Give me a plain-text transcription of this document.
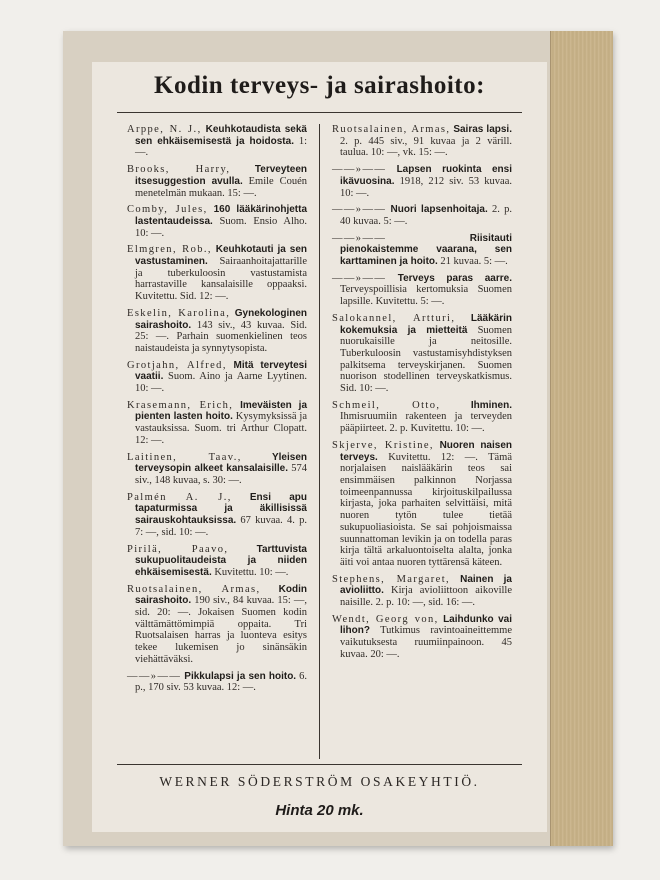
Kodin terveys- ja sairashoito:
Arppe, N. J., Keuhkotaudista sekä sen ehkäisemisestä ja hoidosta. 1: —.
Brooks, Harry, Terveyteen itsesuggestion avulla. Emile Couén menetelmän mukaan. 15: —.
Comby, Jules, 160 lääkärinohjetta lastentaudeissa. Suom. Ensio Alho. 10: —.
Elmgren, Rob., Keuhkotauti ja sen vastustaminen. Sairaanhoitajattarille ja tuberkuloosin vastustamista harrastaville kansalaisille oppaaksi. Kuvitettu. Sid. 12: —.
Eskelin, Karolina, Gynekologinen sairashoito. 143 siv., 43 kuvaa. Sid. 25: —. Parhain suomenkielinen teos naistaudeista ja synnytysopista.
Grotjahn, Alfred, Mitä terveytesi vaatii. Suom. Aino ja Aarne Lyytinen. 10: —.
Krasemann, Erich, Imeväisten ja pienten lasten hoito. Kysymyksissä ja vastauksissa. Suom. tri Arthur Clopatt. 12: —.
Laitinen, Taav.,	Yleisen terveysopin alkeet kansalaisille. 574 siv., 148 kuvaa, s. 30: —.
Palmén A. J., Ensi apu tapaturmissa ja äkillisissä sairauskohtauksissa. 67 kuvaa. 4. p. 7: —, sid. 10: —.
Pirilä, Paavo,	Tarttuvista sukupuolitaudeista ja niiden ehkäisemisestä. Kuvitettu. 10: —.
Ruotsalainen, Armas, Kodin sairashoito. 190 siv., 84 kuvaa. 15: —, sid. 20: —. Jokaisen Suomen kodin välttämättömimpiä oppaita. Tri Ruotsalaisen harras ja luonteva esitys tekee lukemisen jo sinänsäkin viehättäväksi.
——»—— Pikkulapsi ja sen hoito. 6. p., 170 siv. 53 kuvaa. 12: —.
Ruotsalainen, Armas, Sairas lapsi. 2. p. 445 siv., 91 kuvaa ja 2 värill. taulua. 10: —, vk. 15: —.
——»—— Lapsen ruokinta ensi ikävuosina. 1918, 212 siv. 53 kuvaa. 10: —.
——»—— Nuori lapsenhoitaja. 2. p. 40 kuvaa. 5: —.
——»——	Riisitauti pienokaistemme vaarana, sen karttaminen ja hoito. 21 kuvaa. 5: —.
——»—— Terveys paras aarre. Terveyspoillisia kertomuksia Suomen lapsille. Kuvitettu. 5: —.
Salokannel, Artturi, Lääkärin kokemuksia ja mietteitä Suomen nuorukaisille ja neitosille. Tuberkuloosin vastustamisyhdistyksen palkitsema terveyskirjanen. Suomen nuorison stodellinen terveyskatkismus. Sid. 10: —.
Schmeil, Otto,	Ihminen. Ihmisruumiin rakenteen ja terveyden pääpiirteet. 2. p. Kuvitettu. 10: —.
Skjerve, Kristine, Nuoren naisen terveys. Kuvitettu. 12: —. Tämä norjalaisen naislääkärin teos sai ensimmäisen palkinnon Norjassa toimeenpannussa kirjoituskilpailussa kirjasta, joka parhaiten selvittäisi, mitä nuoren tytön tulee tietää sukupuoliasioista. Se sai pohjoismaissa suunnattoman levikin ja on todella paras kirja tältä arkaluontoiselta alalta, jonka äiti voi antaa nuoren tyttärensä käteen.
Stephens, Margaret, Nainen ja avioliitto. Kirja avioliittoon aikoville naisille. 2. p. 10: —, sid. 16: —.
Wendt, Georg von, Laihdunko vai lihon? Tutkimus ravintoaineittemme vaikutuksesta ruumiinpainoon. 45 kuvaa. 20: —.
WERNER SÖDERSTRÖM OSAKEYHTIÖ.
Hinta 20 mk.
